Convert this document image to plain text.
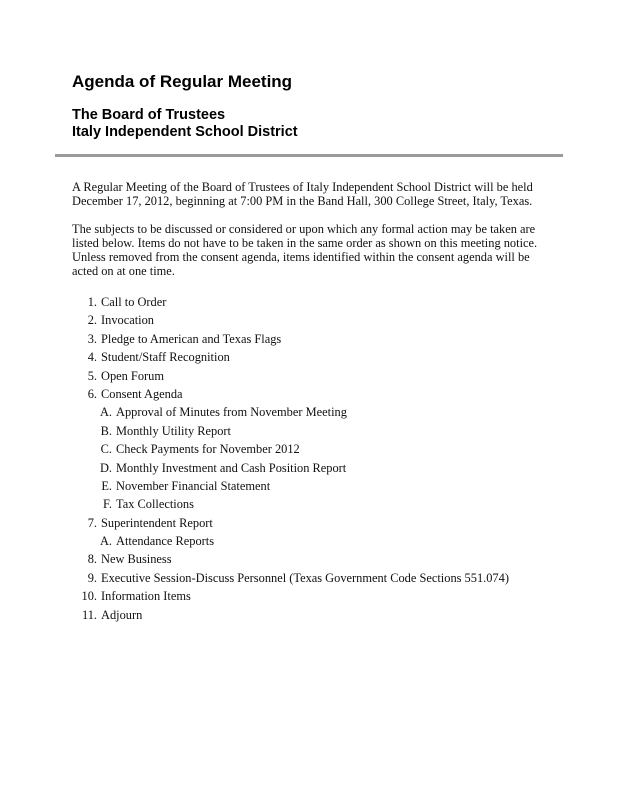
Agenda of Regular Meeting
The Board of Trustees
Italy Independent School District

A Regular Meeting of the Board of Trustees of Italy Independent School District will be held December 17, 2012, beginning at 7:00 PM in the Band Hall, 300 College Street, Italy, Texas.

The subjects to be discussed or considered or upon which any formal action may be taken are listed below. Items do not have to be taken in the same order as shown on this meeting notice. Unless removed from the consent agenda, items identified within the consent agenda will be acted on at one time.

1. Call to Order
2. Invocation
3. Pledge to American and Texas Flags
4. Student/Staff Recognition
5. Open Forum
6. Consent Agenda
A. Approval of Minutes from November Meeting
B. Monthly Utility Report
C. Check Payments for November 2012
D. Monthly Investment and Cash Position Report
E. November Financial Statement
F. Tax Collections
7. Superintendent Report
A. Attendance Reports
8. New Business
9. Executive Session-Discuss Personnel (Texas Government Code Sections 551.074)
10. Information Items
11. Adjourn
